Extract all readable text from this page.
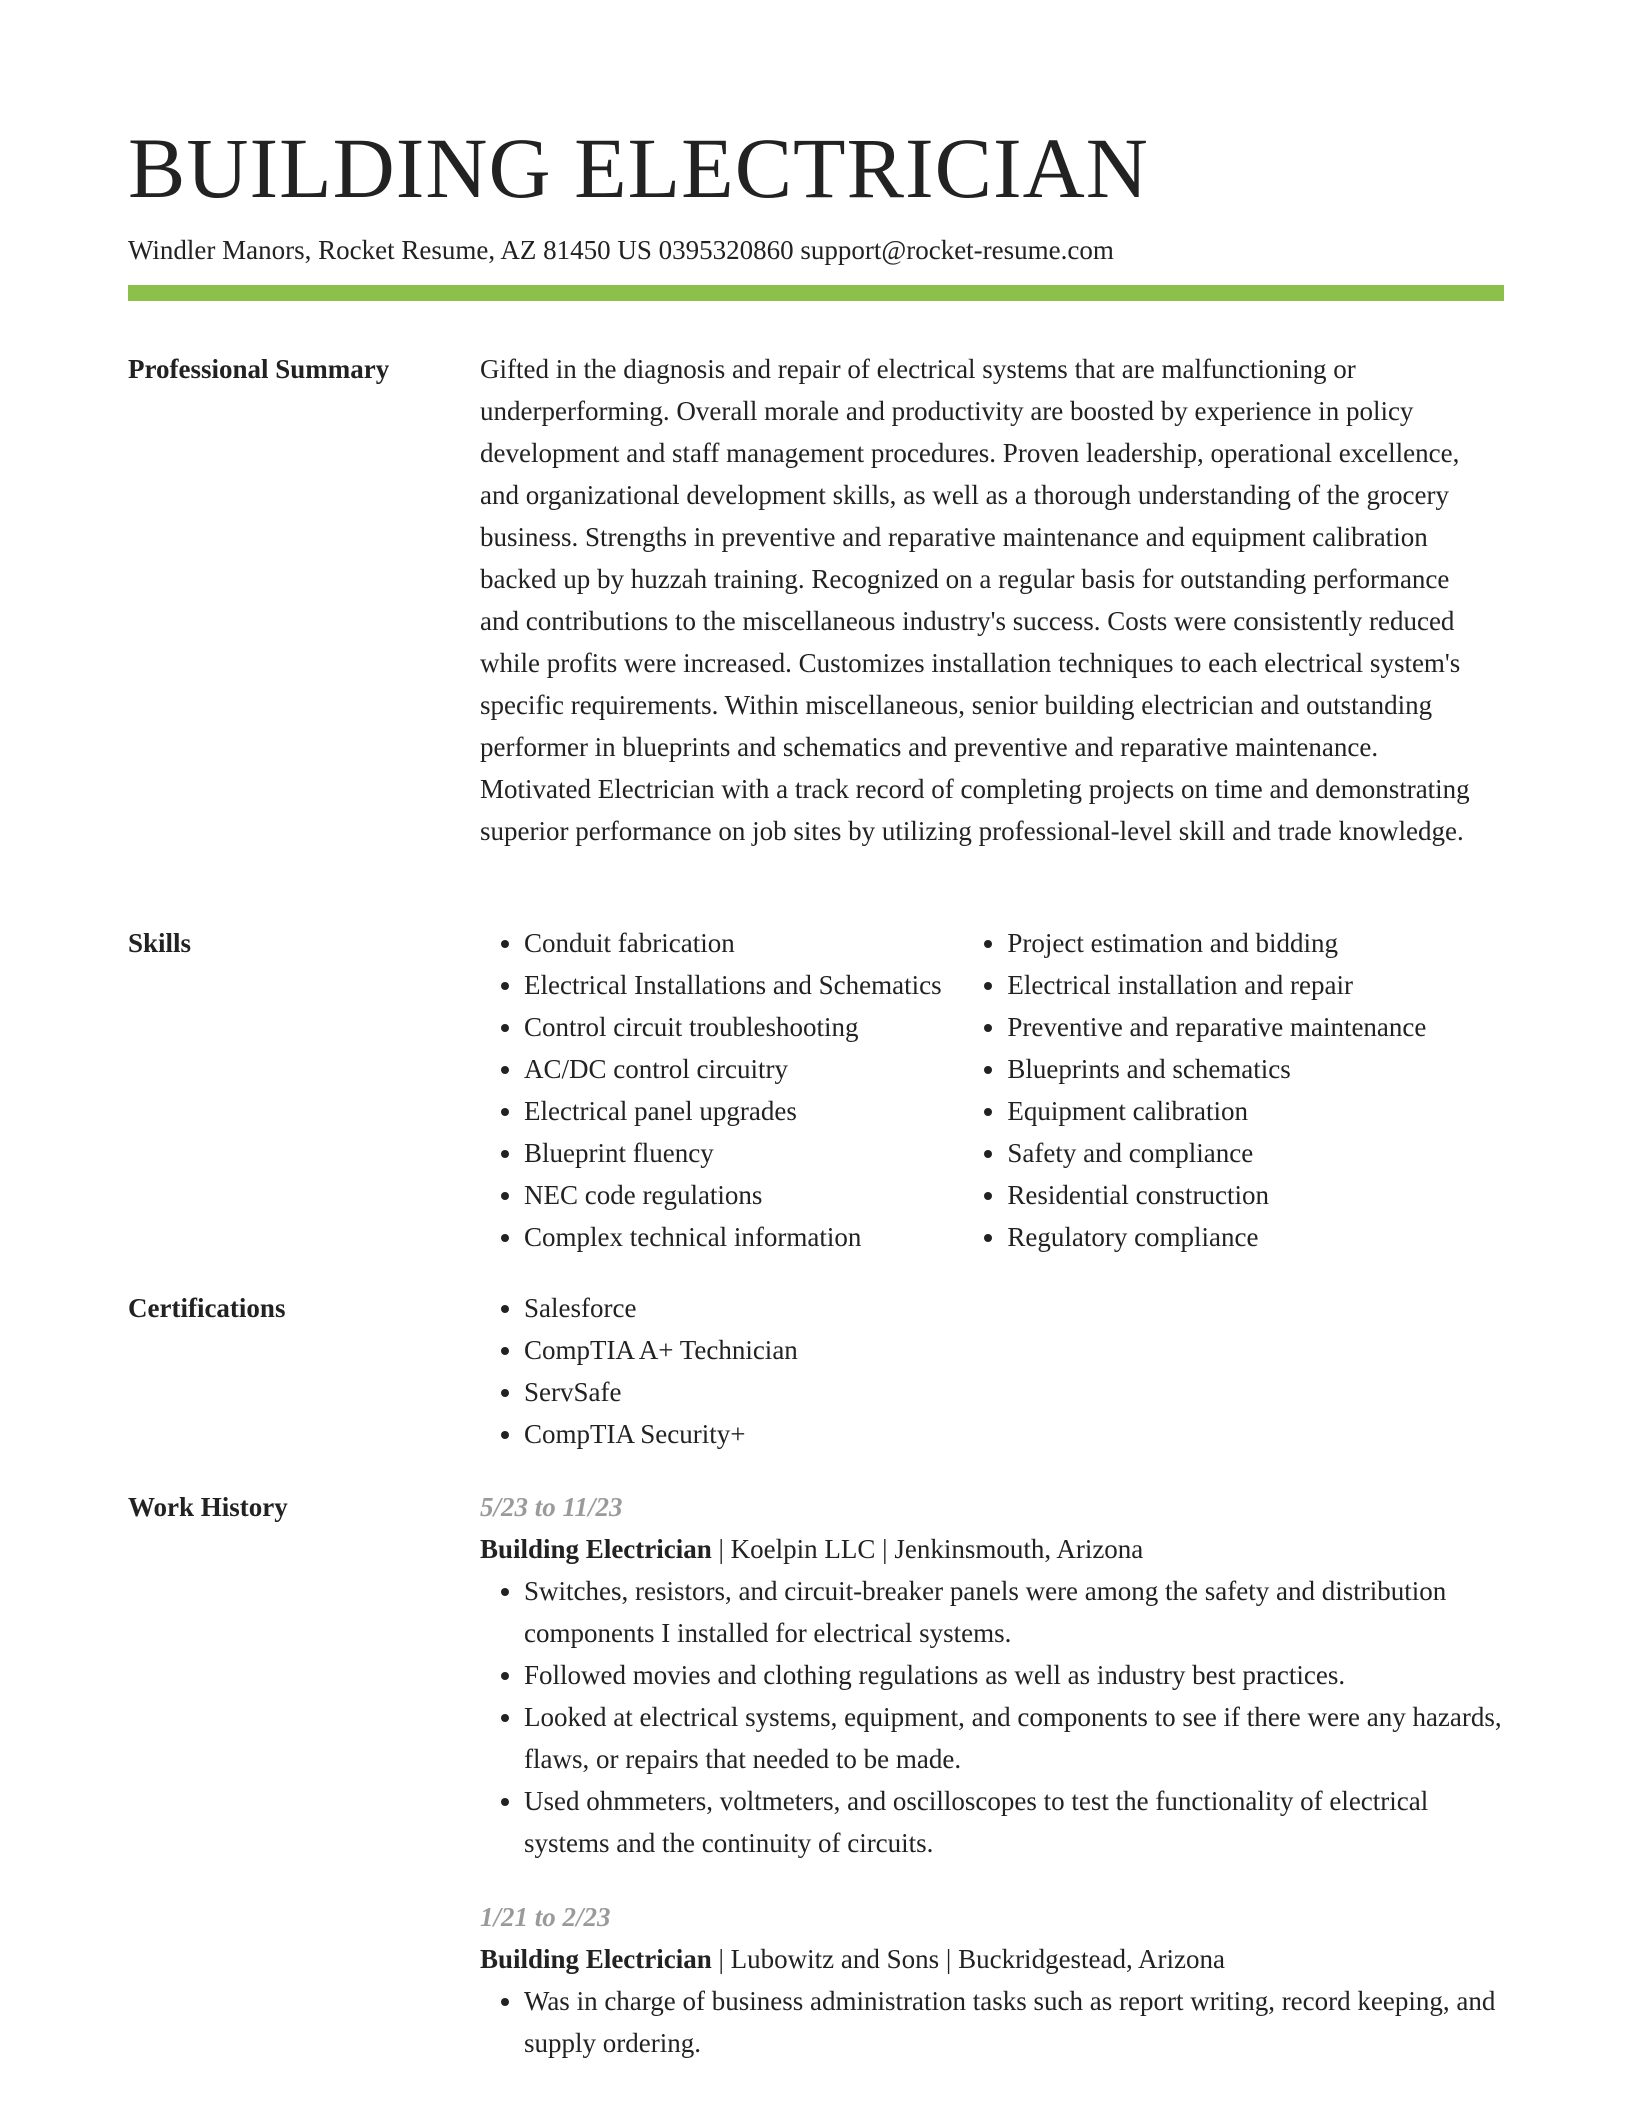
BUILDING ELECTRICIAN
Windler Manors, Rocket Resume, AZ 81450 US 0395320860 support@rocket-resume.com
Professional Summary	Gifted in the diagnosis and repair of electrical systems that are malfunctioning or underperforming. Overall morale and productivity are boosted by experience in policy development and staff management procedures. Proven leadership, operational excellence, and organizational development skills, as well as a thorough understanding of the grocery business. Strengths in preventive and reparative maintenance and equipment calibration backed up by huzzah training. Recognized on a regular basis for outstanding performance and contributions to the miscellaneous industry's success. Costs were consistently reduced while profits were increased. Customizes installation techniques to each electrical system's specific requirements. Within miscellaneous, senior building electrician and outstanding performer in blueprints and schematics and preventive and reparative maintenance. Motivated Electrician with a track record of completing projects on time and demonstrating superior performance on job sites by utilizing professional-level skill and trade knowledge.

Skills	• Conduit fabrication
• Electrical Installations and Schematics
• Control circuit troubleshooting
• AC/DC control circuitry
• Electrical panel upgrades
• Blueprint fluency
• NEC code regulations
• Complex technical information
• Project estimation and bidding
• Electrical installation and repair
• Preventive and reparative maintenance
• Blueprints and schematics
• Equipment calibration
• Safety and compliance
• Residential construction
• Regulatory compliance
Certifications	• Salesforce
• CompTIA A+ Technician
• ServSafe
• CompTIA Security+
Work History	5/23 to 11/23
Building Electrician | Koelpin LLC | Jenkinsmouth, Arizona
• Switches, resistors, and circuit-breaker panels were among the safety and distribution components I installed for electrical systems.
• Followed movies and clothing regulations as well as industry best practices.
• Looked at electrical systems, equipment, and components to see if there were any hazards, flaws, or repairs that needed to be made.
• Used ohmmeters, voltmeters, and oscilloscopes to test the functionality of electrical systems and the continuity of circuits.
1/21 to 2/23
Building Electrician | Lubowitz and Sons | Buckridgestead, Arizona
• Was in charge of business administration tasks such as report writing, record keeping, and supply ordering.
